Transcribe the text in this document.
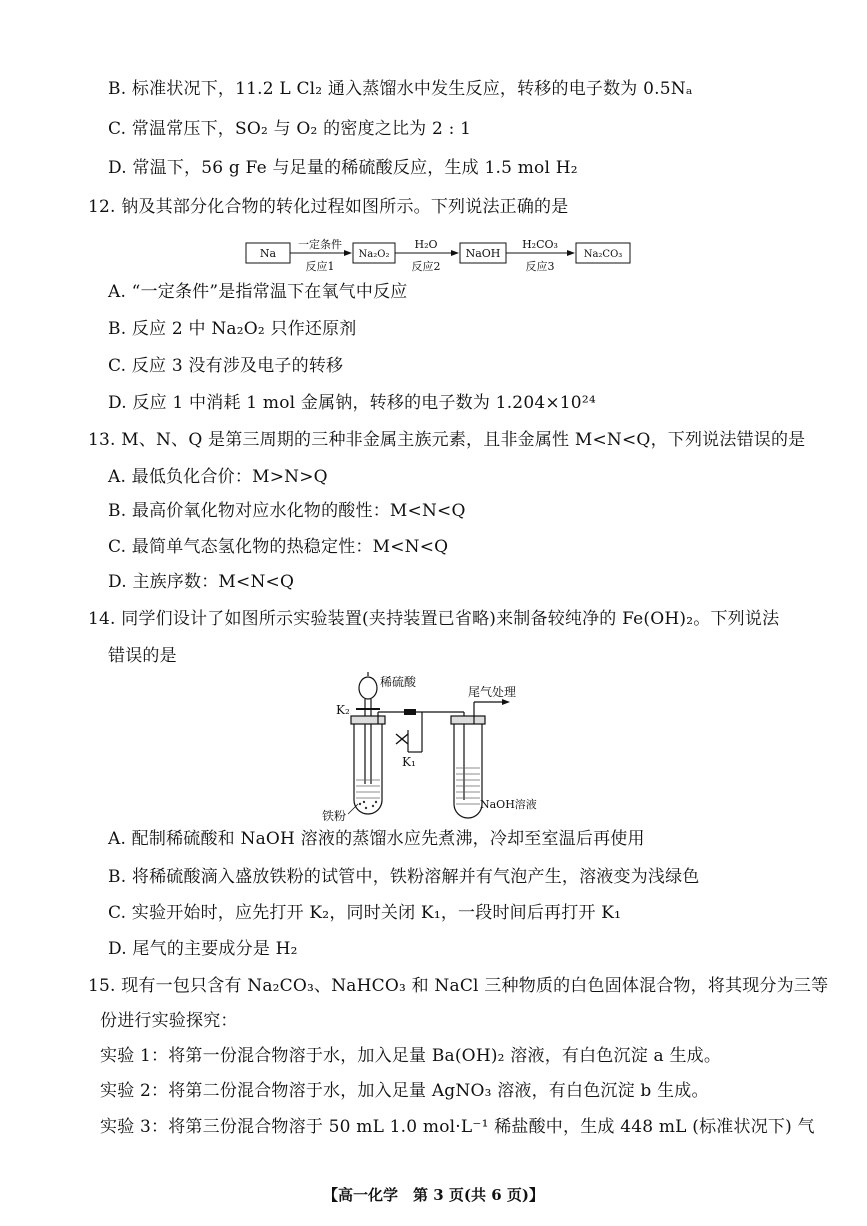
B. 标准状况下，11.2 L Cl₂ 通入蒸馏水中发生反应，转移的电子数为 0.5Nₐ
C. 常温常压下，SO₂ 与 O₂ 的密度之比为 2 : 1
D. 常温下，56 g Fe 与足量的稀硫酸反应，生成 1.5 mol H₂
12. 钠及其部分化合物的转化过程如图所示。下列说法正确的是
Na	Na₂O₂	NaOH	Na₂CO₃
一定条件	H₂O	H₂CO₃
反应1	反应2	反应3
A. “一定条件”是指常温下在氧气中反应
B. 反应 2 中 Na₂O₂ 只作还原剂
C. 反应 3 没有涉及电子的转移
D. 反应 1 中消耗 1 mol 金属钠，转移的电子数为 1.204×10²⁴
13. M、N、Q 是第三周期的三种非金属主族元素，且非金属性 M<N<Q，下列说法错误的是
A. 最低负化合价：M>N>Q
B. 最高价氧化物对应水化物的酸性：M<N<Q
C. 最简单气态氢化物的热稳定性：M<N<Q
D. 主族序数：M<N<Q
14. 同学们设计了如图所示实验装置(夹持装置已省略)来制备较纯净的 Fe(OH)₂。下列说法
错误的是
稀硫酸
尾气处理
K₂
K₁
铁粉
NaOH溶液
A. 配制稀硫酸和 NaOH 溶液的蒸馏水应先煮沸，冷却至室温后再使用
B. 将稀硫酸滴入盛放铁粉的试管中，铁粉溶解并有气泡产生，溶液变为浅绿色
C. 实验开始时，应先打开 K₂，同时关闭 K₁，一段时间后再打开 K₁
D. 尾气的主要成分是 H₂
15. 现有一包只含有 Na₂CO₃、NaHCO₃ 和 NaCl 三种物质的白色固体混合物，将其现分为三等
份进行实验探究：
实验 1：将第一份混合物溶于水，加入足量 Ba(OH)₂ 溶液，有白色沉淀 a 生成。
实验 2：将第二份混合物溶于水，加入足量 AgNO₃ 溶液，有白色沉淀 b 生成。
实验 3：将第三份混合物溶于 50 mL 1.0 mol·L⁻¹ 稀盐酸中，生成 448 mL (标准状况下) 气
【高一化学　第 3 页(共 6 页)】
